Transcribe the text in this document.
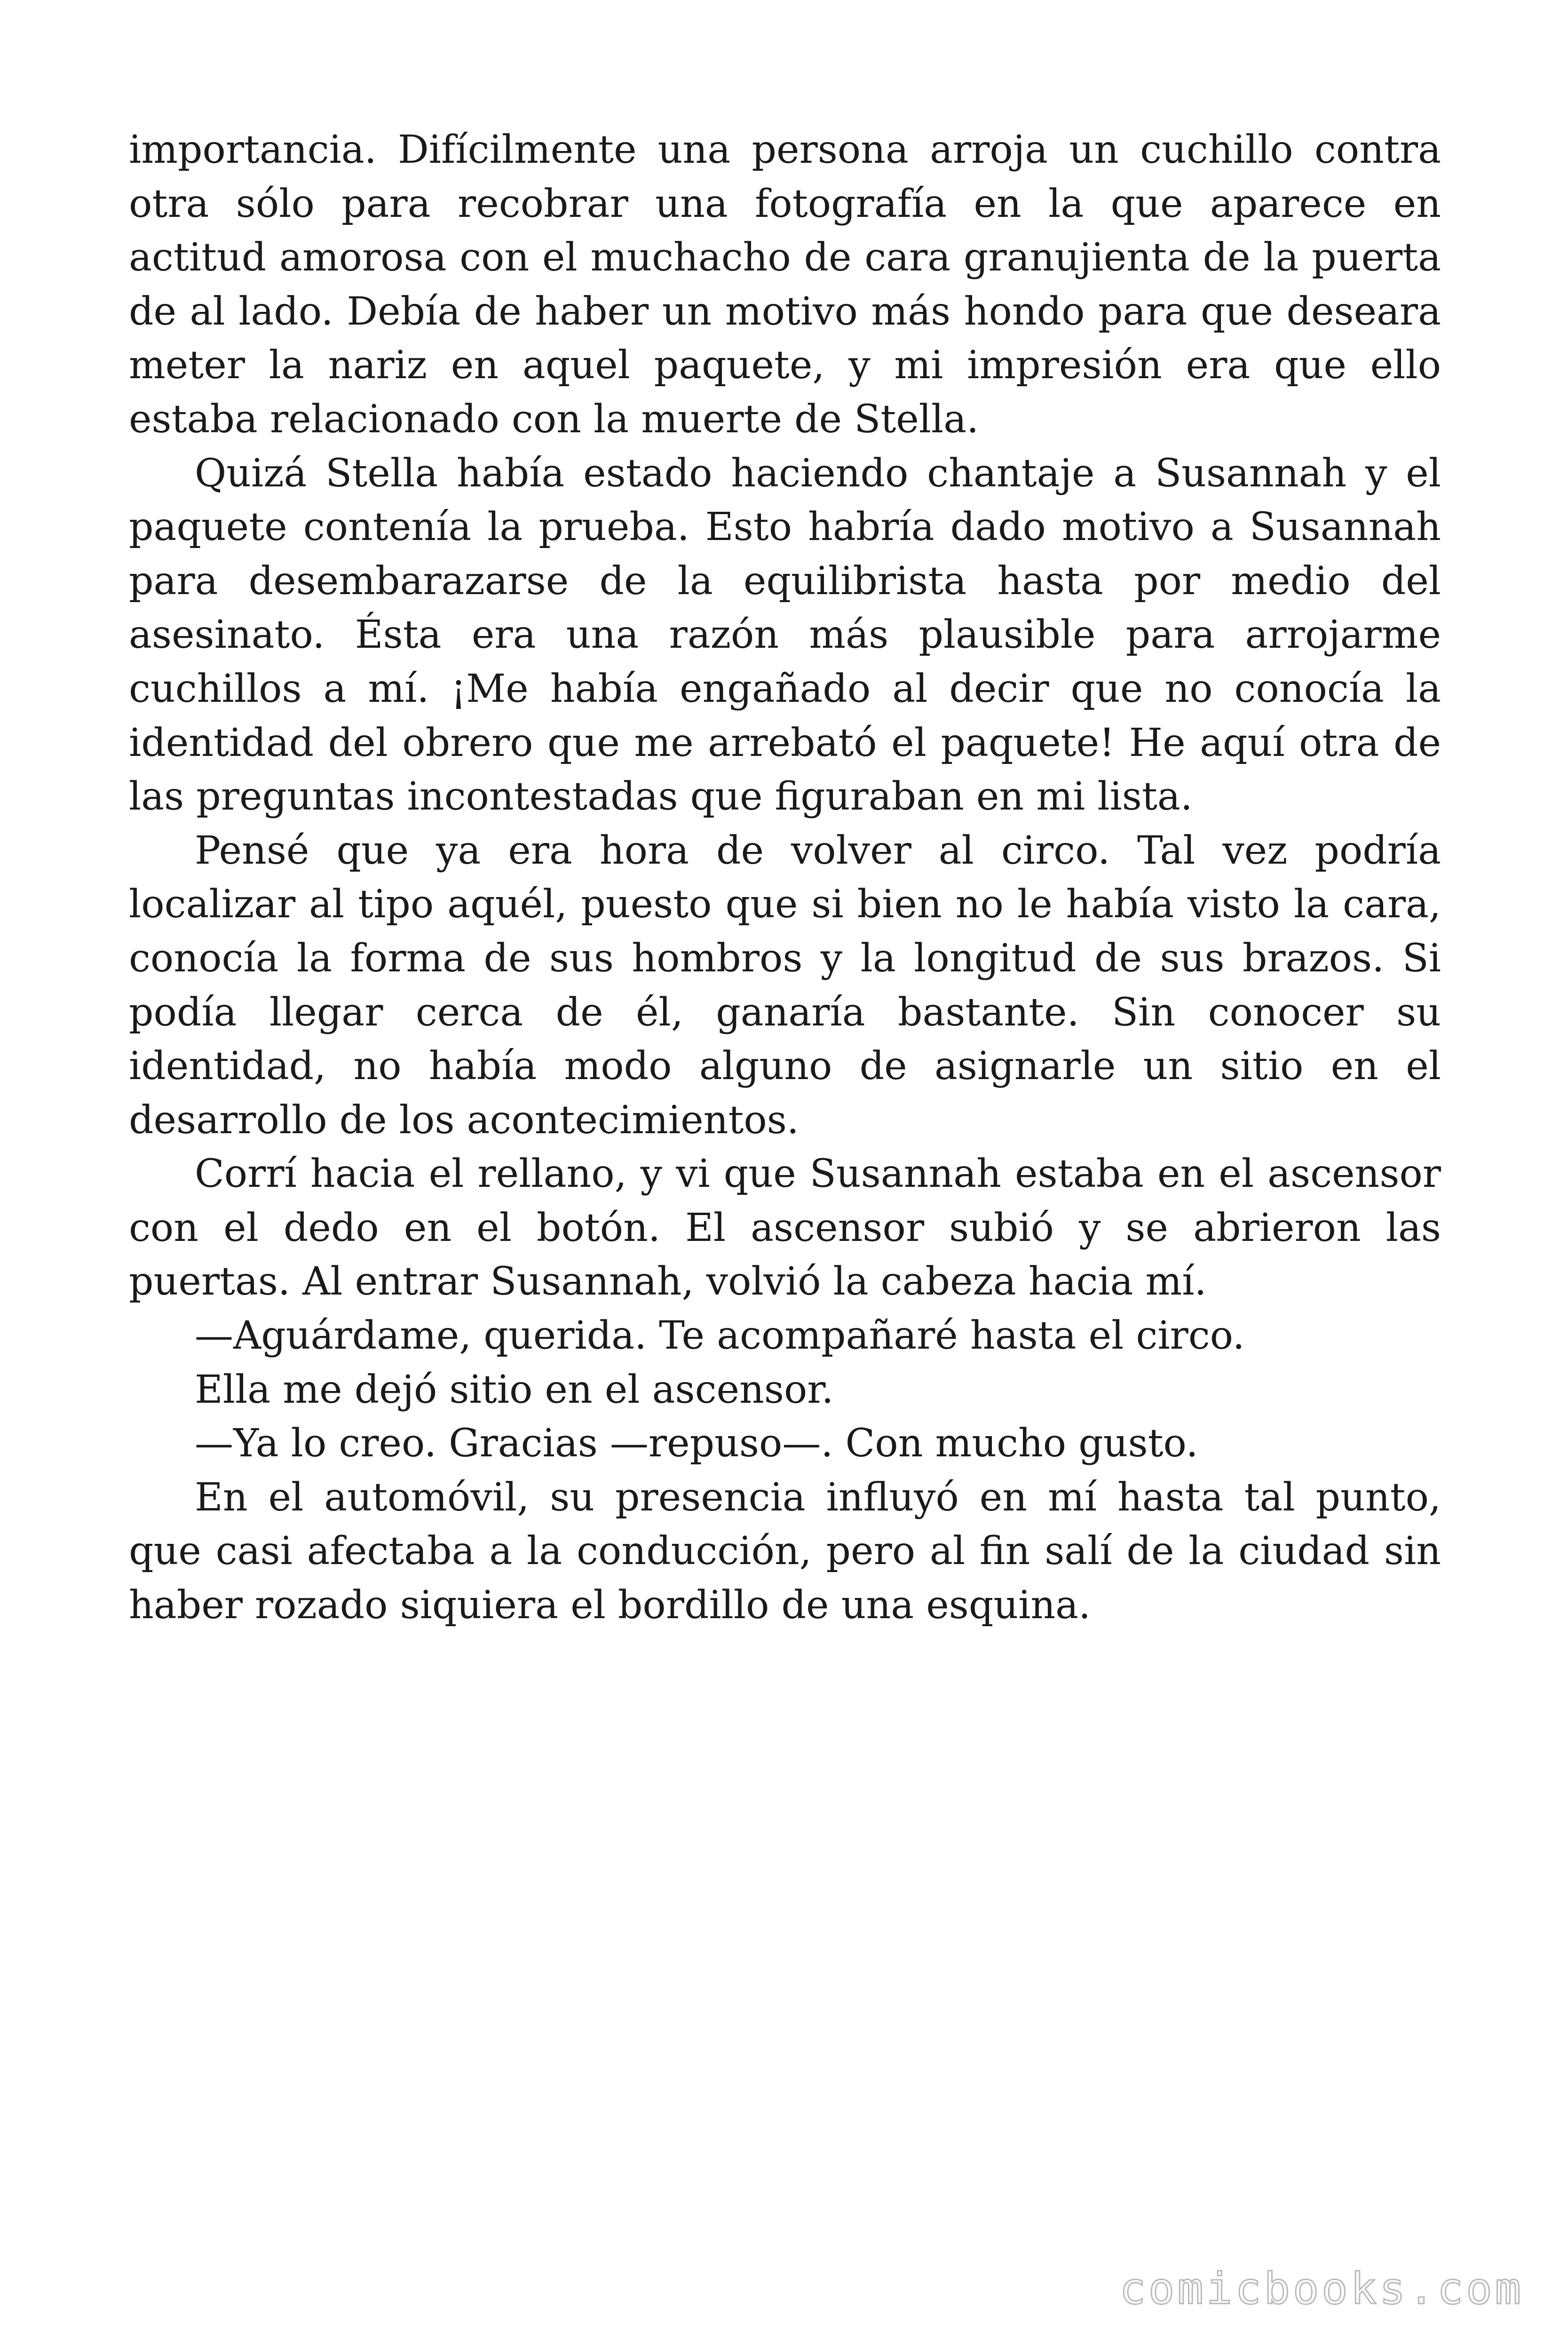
importancia. Difícilmente una persona arroja un cuchillo contra otra sólo para recobrar una fotografía en la que aparece en actitud amorosa con el muchacho de cara granujienta de la puerta de al lado. Debía de haber un motivo más hondo para que deseara meter la nariz en aquel paquete, y mi impresión era que ello estaba relacionado con la muerte de Stella.

Quizá Stella había estado haciendo chantaje a Susannah y el paquete contenía la prueba. Esto habría dado motivo a Susannah para desembarazarse de la equilibrista hasta por medio del asesinato. Ésta era una razón más plausible para arrojarme cuchillos a mí. ¡Me había engañado al decir que no conocía la identidad del obrero que me arrebató el paquete! He aquí otra de las preguntas incontestadas que figuraban en mi lista.

Pensé que ya era hora de volver al circo. Tal vez podría localizar al tipo aquél, puesto que si bien no le había visto la cara, conocía la forma de sus hombros y la longitud de sus brazos. Si podía llegar cerca de él, ganaría bastante. Sin conocer su identidad, no había modo alguno de asignarle un sitio en el desarrollo de los acontecimientos.

Corrí hacia el rellano, y vi que Susannah estaba en el ascensor con el dedo en el botón. El ascensor subió y se abrieron las puertas. Al entrar Susannah, volvió la cabeza hacia mí.

—Aguárdame, querida. Te acompañaré hasta el circo.

Ella me dejó sitio en el ascensor.

—Ya lo creo. Gracias —repuso—. Con mucho gusto.

En el automóvil, su presencia influyó en mí hasta tal punto, que casi afectaba a la conducción, pero al fin salí de la ciudad sin haber rozado siquiera el bordillo de una esquina.

comicbooks.com
